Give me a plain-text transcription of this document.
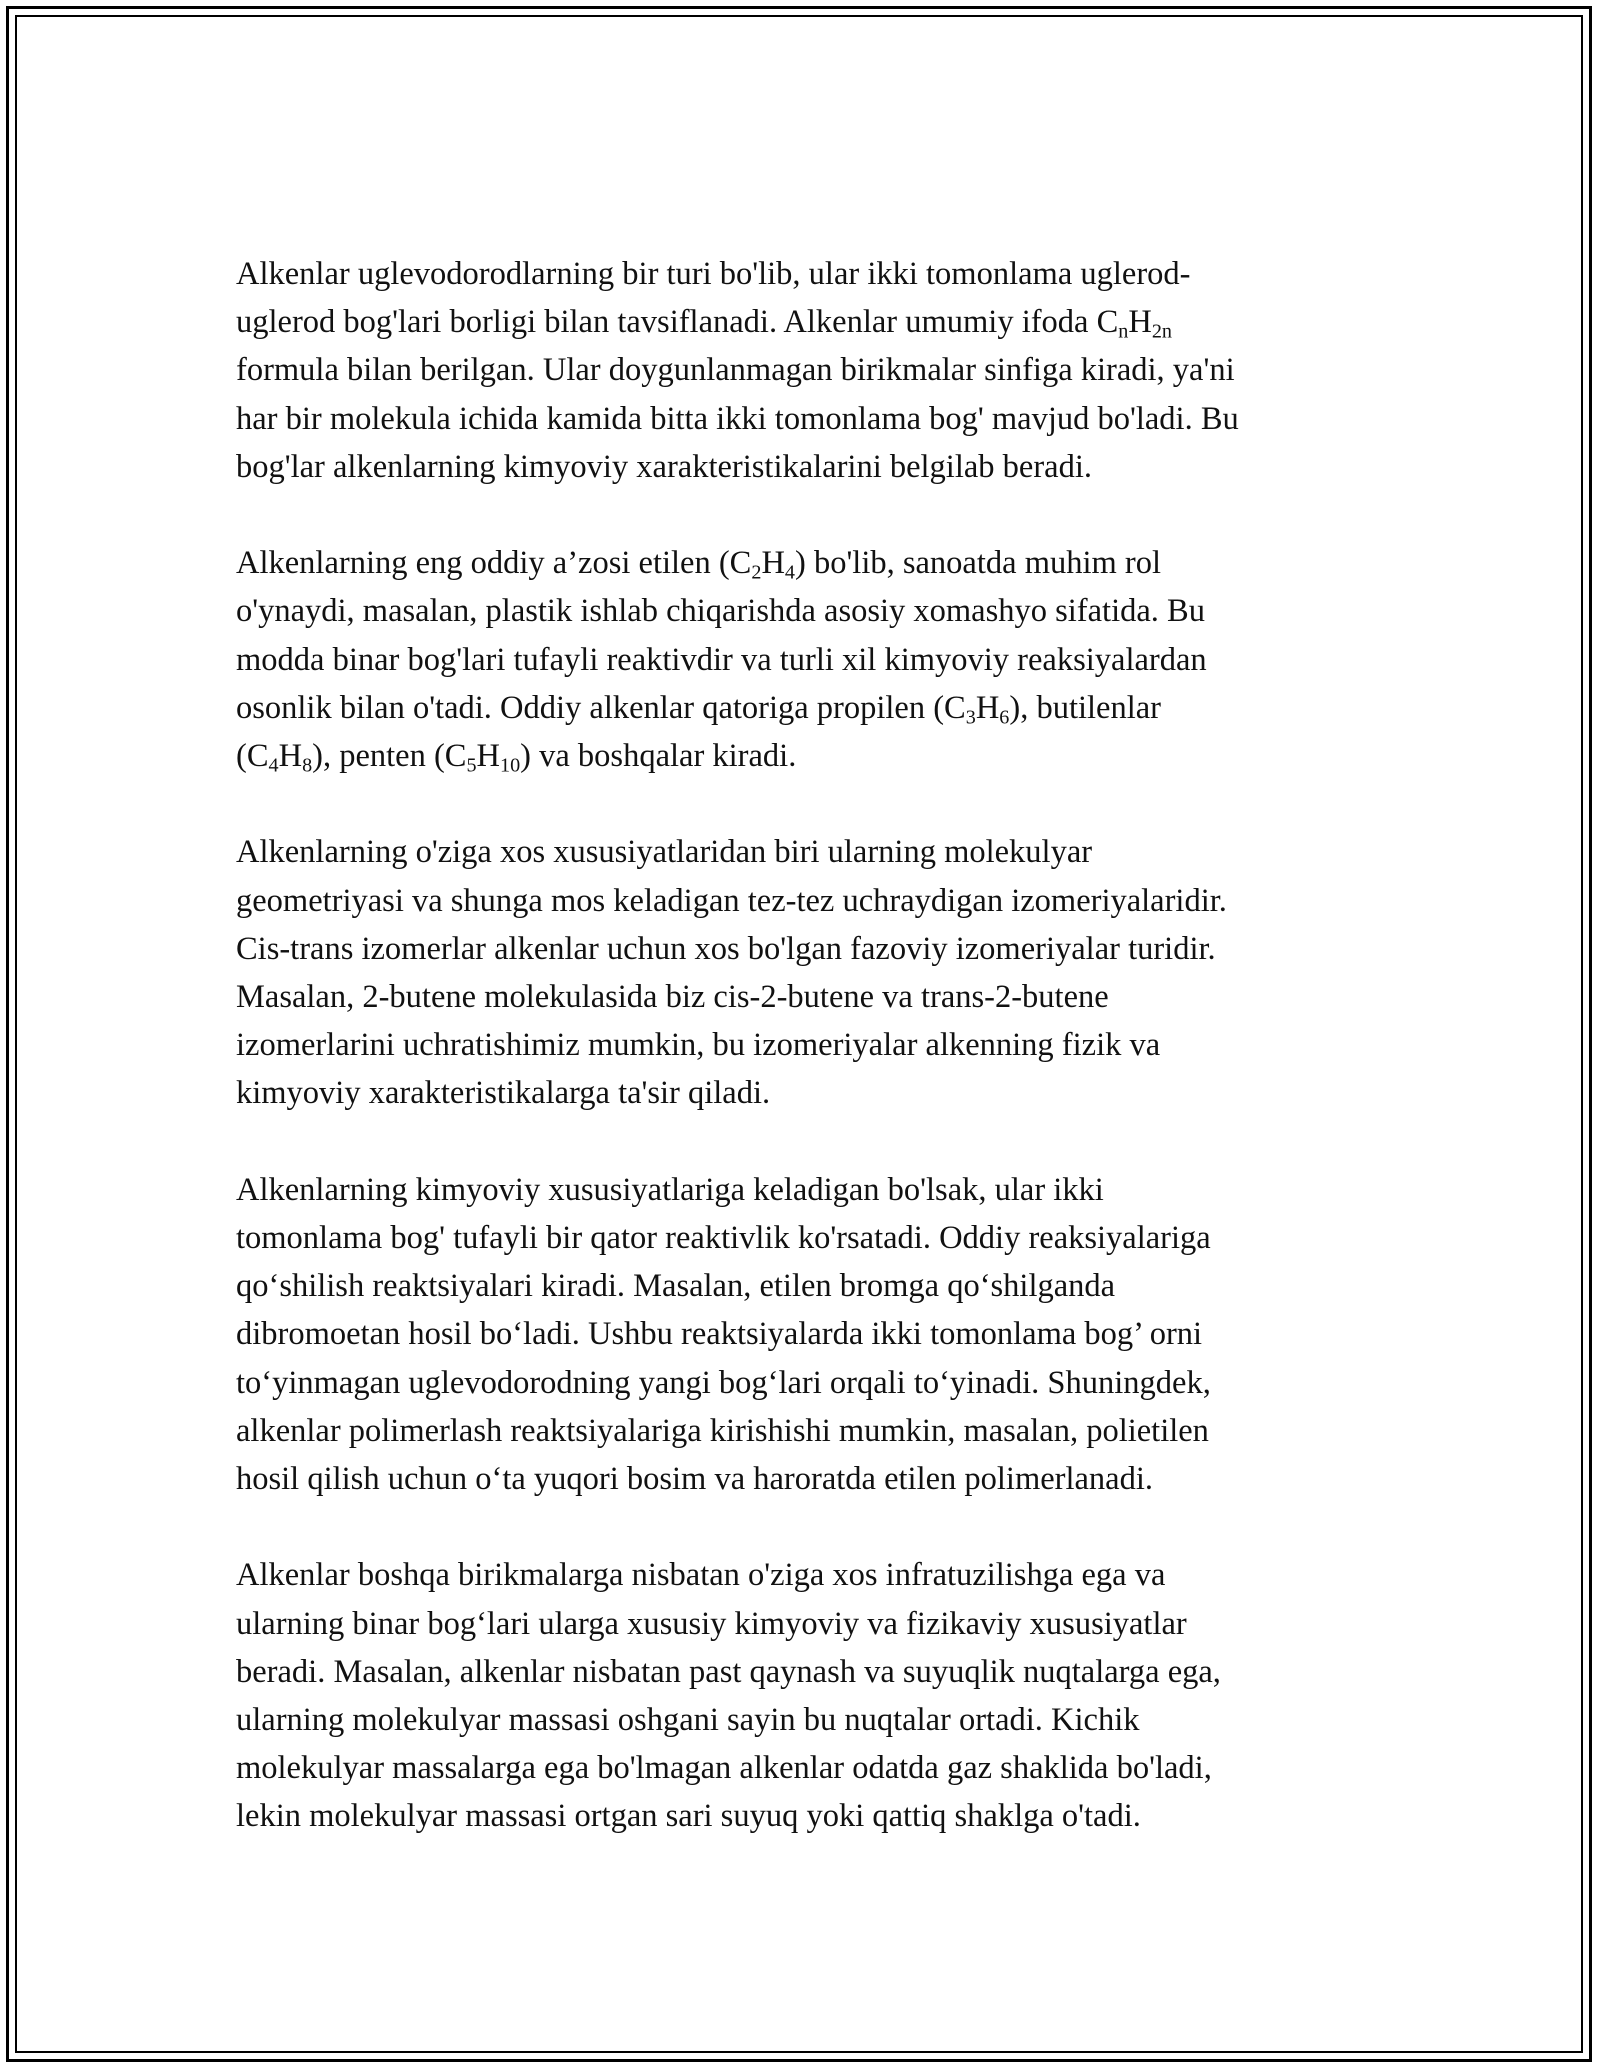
Alkenlar uglevodorodlarning bir turi bo'lib, ular ikki tomonlama uglerod-
uglerod bog'lari borligi bilan tavsiflanadi. Alkenlar umumiy ifoda $C_nH_{2n}$
formula bilan berilgan. Ular doygunlanmagan birikmalar sinfiga kiradi, ya'ni
har bir molekula ichida kamida bitta ikki tomonlama bog' mavjud bo'ladi. Bu
bog'lar alkenlarning kimyoviy xarakteristikalarini belgilab beradi.

Alkenlarning eng oddiy a’zosi etilen $(C_2H_4)$ bo'lib, sanoatda muhim rol
o'ynaydi, masalan, plastik ishlab chiqarishda asosiy xomashyo sifatida. Bu
modda binar bog'lari tufayli reaktivdir va turli xil kimyoviy reaksiyalardan
osonlik bilan o'tadi. Oddiy alkenlar qatoriga propilen $(C_3H_6)$, butilenlar
$(C_4H_8)$, penten $(C_5H_{10})$ va boshqalar kiradi.

Alkenlarning o'ziga xos xususiyatlaridan biri ularning molekulyar
geometriyasi va shunga mos keladigan tez-tez uchraydigan izomeriyalaridir.
Cis-trans izomerlar alkenlar uchun xos bo'lgan fazoviy izomeriyalar turidir.
Masalan, 2-butene molekulasida biz cis-2-butene va trans-2-butene
izomerlarini uchratishimiz mumkin, bu izomeriyalar alkenning fizik va
kimyoviy xarakteristikalarga ta'sir qiladi.

Alkenlarning kimyoviy xususiyatlariga keladigan bo'lsak, ular ikki
tomonlama bog' tufayli bir qator reaktivlik ko'rsatadi. Oddiy reaksiyalariga
qo‘shilish reaktsiyalari kiradi. Masalan, etilen bromga qo‘shilganda
dibromoetan hosil bo‘ladi. Ushbu reaktsiyalarda ikki tomonlama bog’ orni
to‘yinmagan uglevodorodning yangi bog‘lari orqali to‘yinadi. Shuningdek,
alkenlar polimerlash reaktsiyalariga kirishishi mumkin, masalan, polietilen
hosil qilish uchun o‘ta yuqori bosim va haroratda etilen polimerlanadi.

Alkenlar boshqa birikmalarga nisbatan o'ziga xos infratuzilishga ega va
ularning binar bog‘lari ularga xususiy kimyoviy va fizikaviy xususiyatlar
beradi. Masalan, alkenlar nisbatan past qaynash va suyuqlik nuqtalarga ega,
ularning molekulyar massasi oshgani sayin bu nuqtalar ortadi. Kichik
molekulyar massalarga ega bo'lmagan alkenlar odatda gaz shaklida bo'ladi,
lekin molekulyar massasi ortgan sari suyuq yoki qattiq shaklga o'tadi.
